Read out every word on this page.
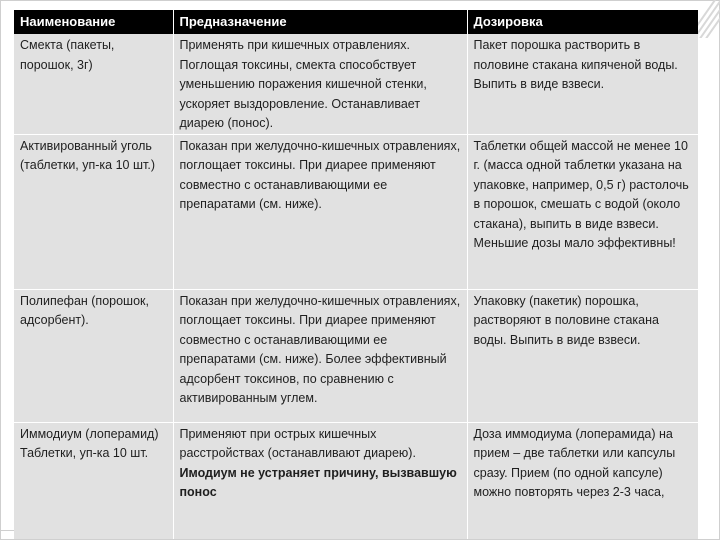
Наименование	Предназначение	Дозировка
Смекта (пакеты, порошок, 3г)	Применять при кишечных отравлениях. Поглощая токсины, смекта способствует уменьшению поражения кишечной стенки, ускоряет выздоровление. Останавливает диарею (понос).	Пакет порошка растворить в половине стакана кипяченой воды. Выпить в виде взвеси.
Активированный уголь (таблетки, уп-ка 10 шт.)	Показан при желудочно-кишечных отравлениях, поглощает токсины. При диарее применяют совместно с останавливающими ее препаратами (см. ниже).	Таблетки общей массой не менее 10 г. (масса одной таблетки указана на упаковке, например, 0,5 г) растолочь в порошок, смешать с водой (около стакана), выпить в виде взвеси. Меньшие дозы мало эффективны!
Полипефан (порошок, адсорбент).	Показан при желудочно-кишечных отравлениях, поглощает токсины. При диарее применяют совместно с останавливающими ее препаратами (см. ниже). Более эффективный адсорбент токсинов, по сравнению с активированным углем.	Упаковку (пакетик) порошка, растворяют в половине стакана воды. Выпить в виде взвеси.
Иммодиум (лоперамид) Таблетки, уп-ка 10 шт.	Применяют при острых кишечных расстройствах (останавливают диарею). Имодиум не устраняет причину, вызвавшую понос	Доза иммодиума (лоперамида) на прием – две таблетки или капсулы сразу. Прием (по одной капсуле) можно повторять через 2-3 часа,
